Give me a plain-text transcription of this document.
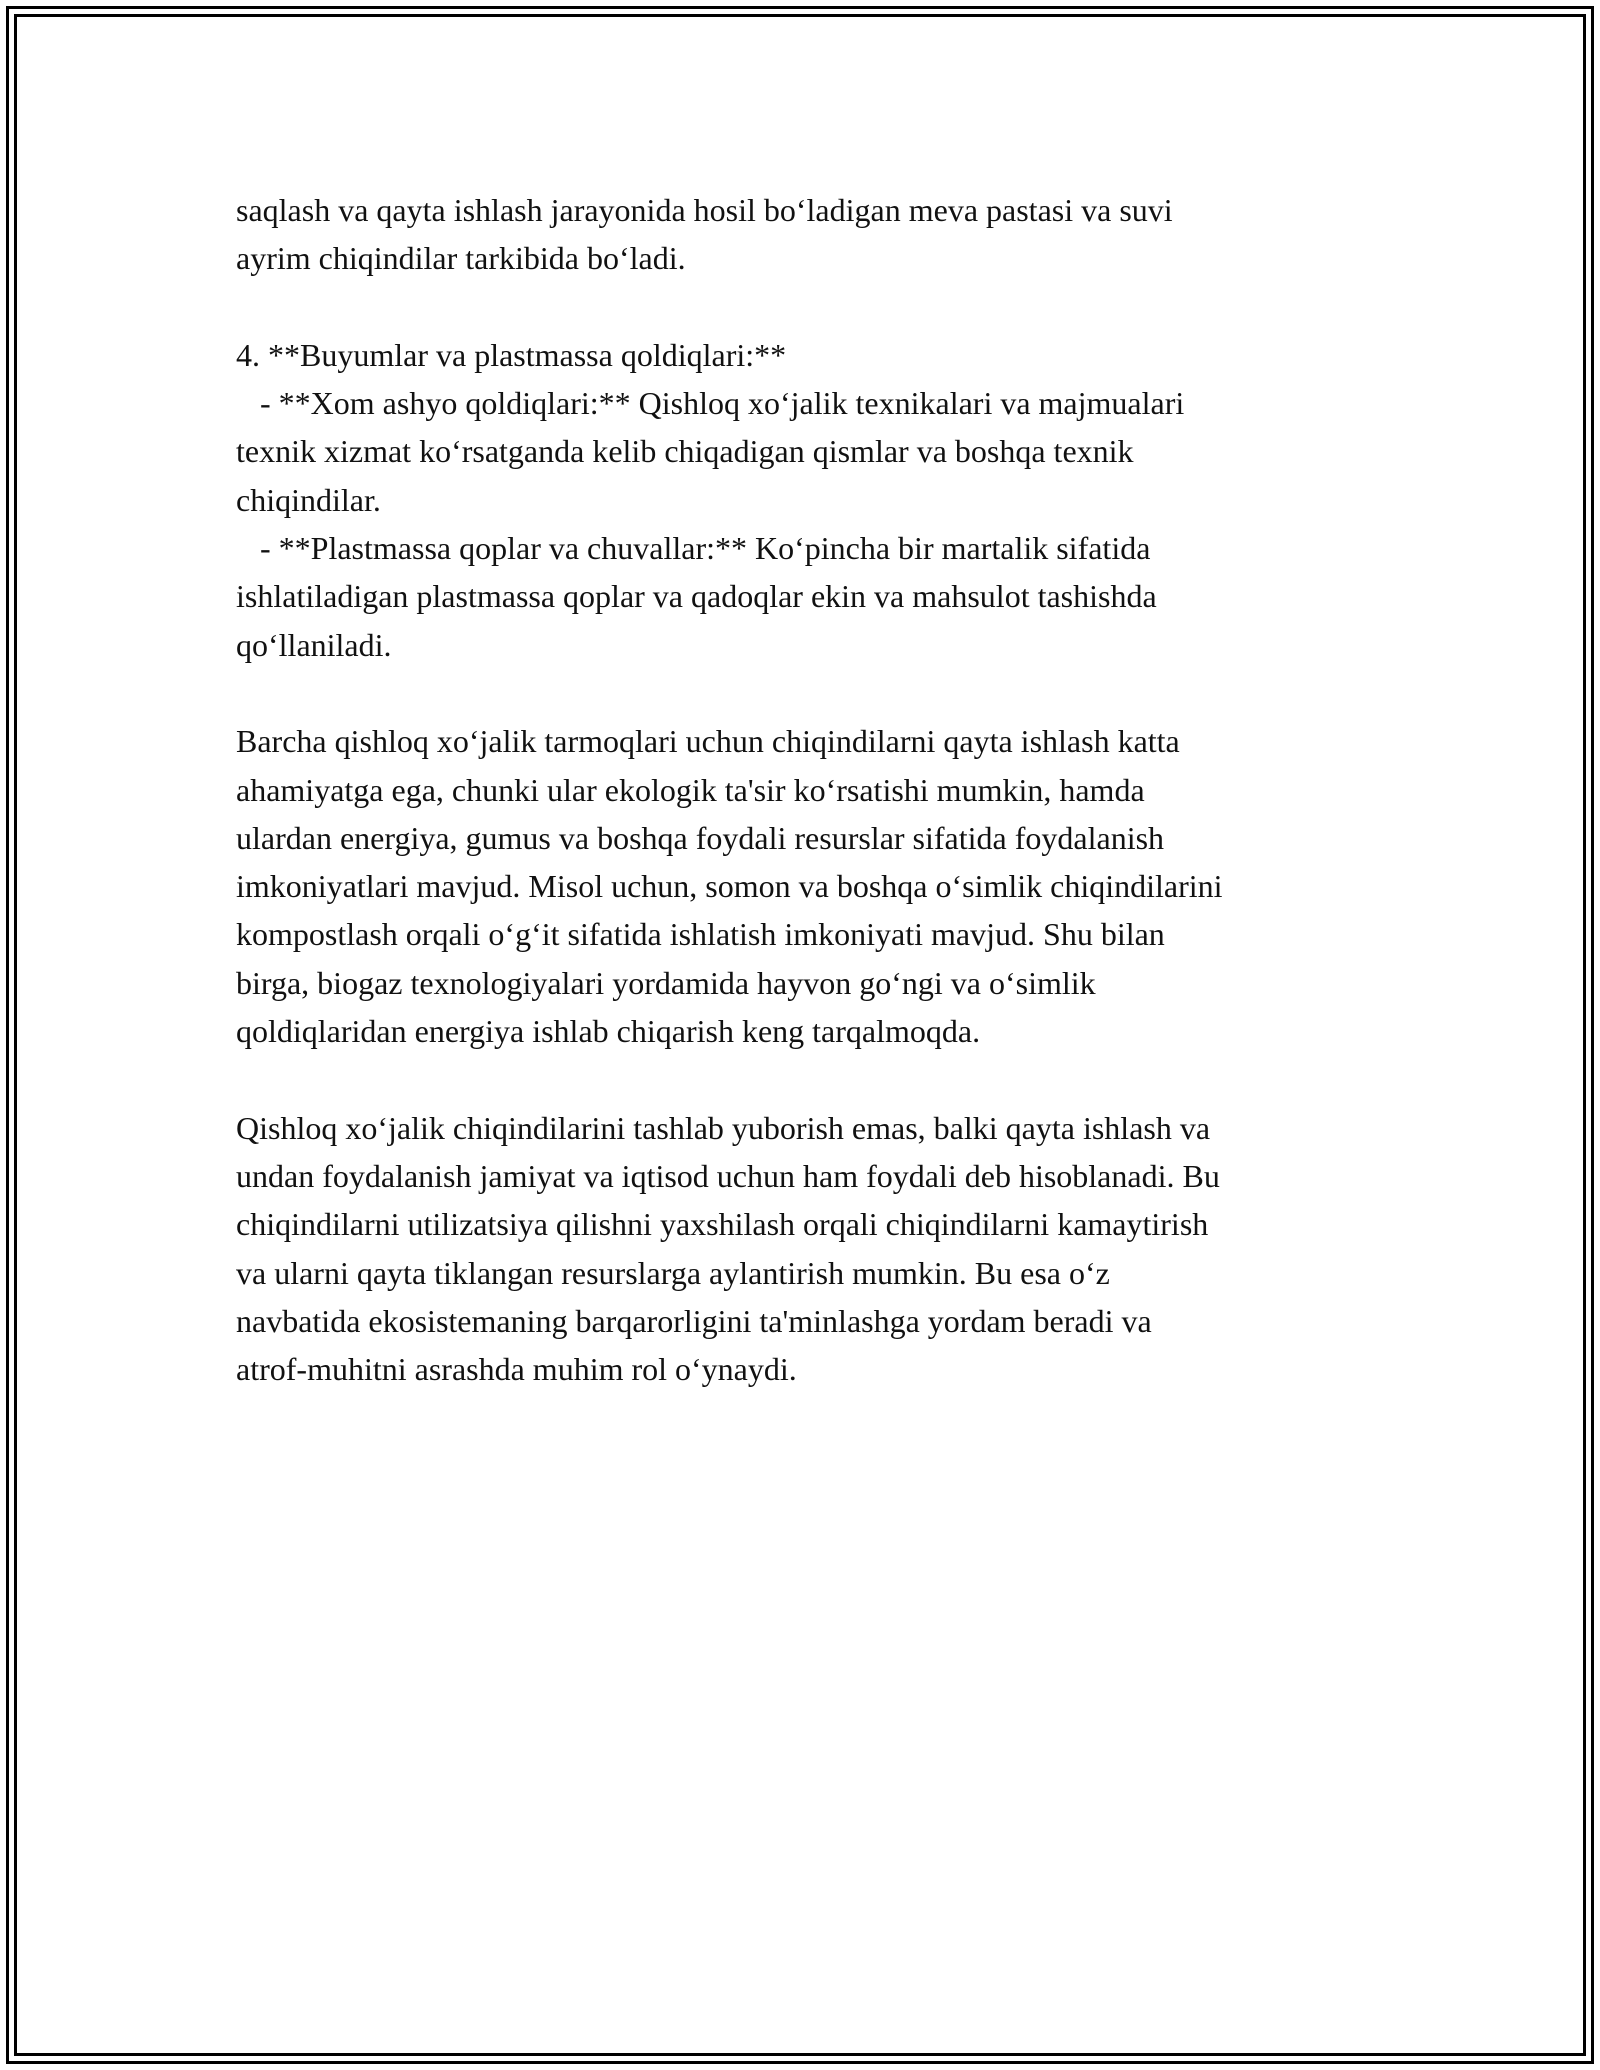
saqlash va qayta ishlash jarayonida hosil bo‘ladigan meva pastasi va suvi

ayrim chiqindilar tarkibida bo‘ladi.

4. **Buyumlar va plastmassa qoldiqlari:**

- **Xom ashyo qoldiqlari:** Qishloq xo‘jalik texnikalari va majmualari

texnik xizmat ko‘rsatganda kelib chiqadigan qismlar va boshqa texnik

chiqindilar.

- **Plastmassa qoplar va chuvallar:** Ko‘pincha bir martalik sifatida

ishlatiladigan plastmassa qoplar va qadoqlar ekin va mahsulot tashishda

qo‘llaniladi.

Barcha qishloq xo‘jalik tarmoqlari uchun chiqindilarni qayta ishlash katta

ahamiyatga ega, chunki ular ekologik ta'sir ko‘rsatishi mumkin, hamda

ulardan energiya, gumus va boshqa foydali resurslar sifatida foydalanish

imkoniyatlari mavjud. Misol uchun, somon va boshqa o‘simlik chiqindilarini

kompostlash orqali o‘g‘it sifatida ishlatish imkoniyati mavjud. Shu bilan

birga, biogaz texnologiyalari yordamida hayvon go‘ngi va o‘simlik

qoldiqlaridan energiya ishlab chiqarish keng tarqalmoqda.

Qishloq xo‘jalik chiqindilarini tashlab yuborish emas, balki qayta ishlash va

undan foydalanish jamiyat va iqtisod uchun ham foydali deb hisoblanadi. Bu

chiqindilarni utilizatsiya qilishni yaxshilash orqali chiqindilarni kamaytirish

va ularni qayta tiklangan resurslarga aylantirish mumkin. Bu esa o‘z

navbatida ekosistemaning barqarorligini ta'minlashga yordam beradi va

atrof-muhitni asrashda muhim rol o‘ynaydi.
